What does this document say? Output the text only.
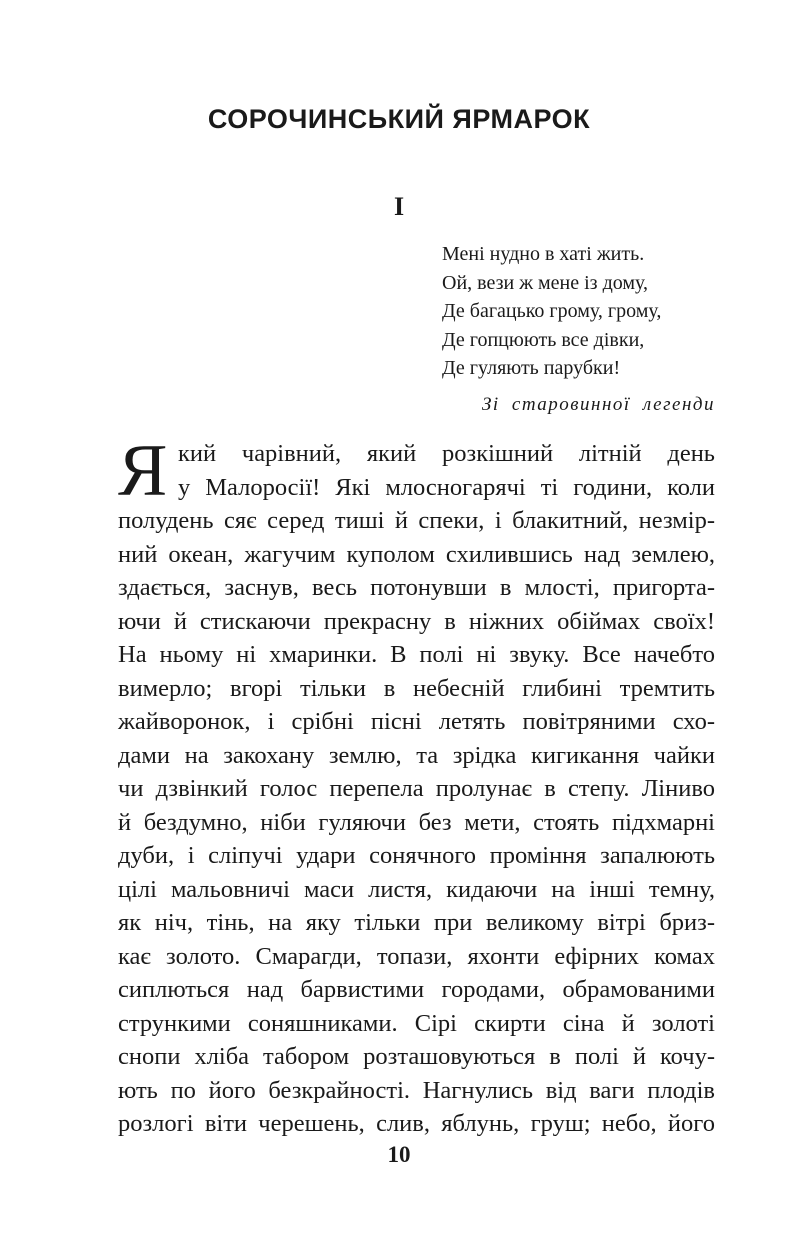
СОРОЧИНСЬКИЙ ЯРМАРОК
I
Мені нудно в хаті жить.
Ой, вези ж мене із дому,
Де багацько грому, грому,
Де гопцюють все дівки,
Де гуляють парубки!
Зі старовинної легенди
Я кий чарівний, який розкішний літній день
у Малоросії! Які млосногарячі ті години, коли
полудень сяє серед тиші й спеки, і блакитний, незмір-
ний океан, жагучим куполом схилившись над землею,
здається, заснув, весь потонувши в млості, пригорта-
ючи й стискаючи прекрасну в ніжних обіймах своїх!
На ньому ні хмаринки. В полі ні звуку. Все начебто
вимерло; вгорі тільки в небесній глибині тремтить
жайворонок, і срібні пісні летять повітряними схо-
дами на закохану землю, та зрідка кигикання чайки
чи дзвінкий голос перепела пролунає в степу. Ліниво
й бездумно, ніби гуляючи без мети, стоять підхмарні
дуби, і сліпучі удари сонячного проміння запалюють
цілі мальовничі маси листя, кидаючи на інші темну,
як ніч, тінь, на яку тільки при великому вітрі бриз-
кає золото. Смарагди, топази, яхонти ефірних комах
сиплються над барвистими городами, обрамованими
стрункими соняшниками. Сірі скирти сіна й золоті
снопи хліба табором розташовуються в полі й кочу-
ють по його безкрайності. Нагнулись від ваги плодів
розлогі віти черешень, слив, яблунь, груш; небо, його
10
